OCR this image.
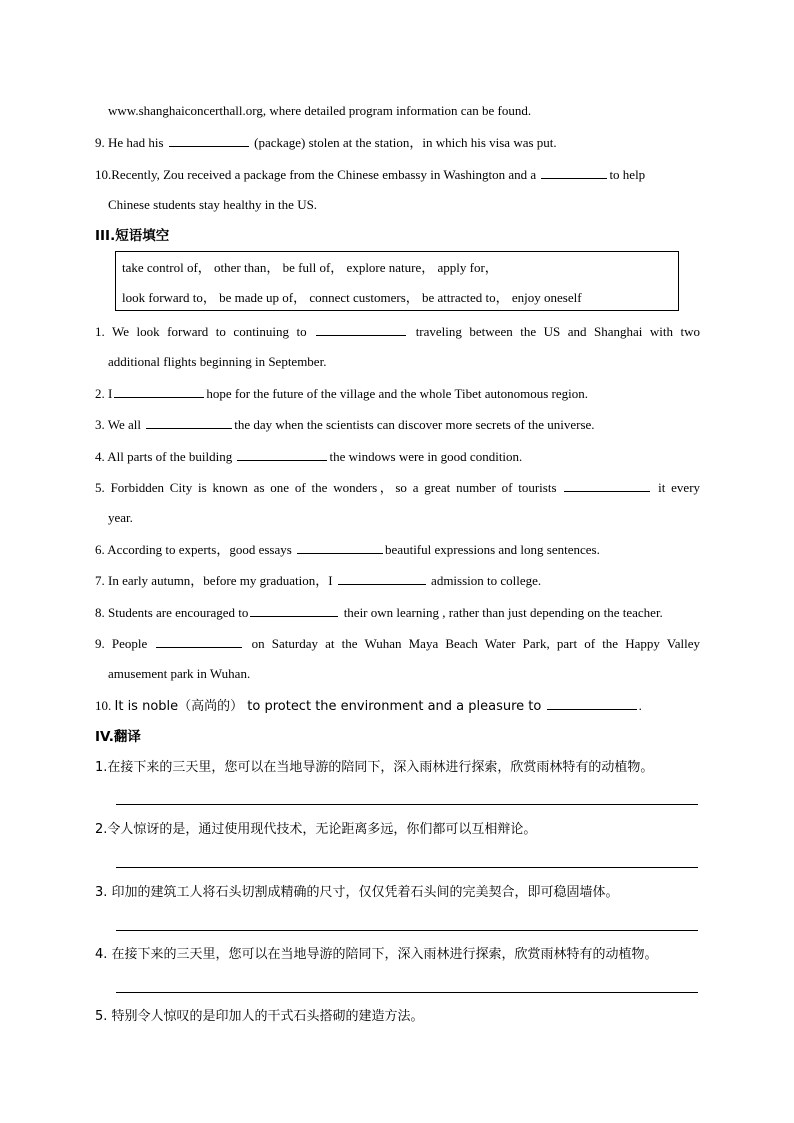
www.shanghaiconcerthall.org, where detailed program information can be found.
9. He had his	(package) stolen at the station，in which his visa was put.
10.Recently, Zou received a package from the Chinese embassy in Washington and a	to help
Chinese students stay healthy in the US.
III.短语填空
take control of， other than， be full of， explore nature， apply for，
look forward to， be made up of， connect customers， be attracted to， enjoy oneself
1. We look forward to continuing to	traveling between the US and Shanghai with two
additional flights beginning in September.
2. I	hope for the future of the village and the whole Tibet autonomous region.
3. We all	the day when the scientists can discover more secrets of the universe.
4. All parts of the building	the windows were in good condition.
5. Forbidden City is known as one of the wonders，so a great number of tourists	it every
year.
6. According to experts，good essays	beautiful expressions and long sentences.
7. In early autumn，before my graduation，I	admission to college.
8. Students are encouraged to	their own learning , rather than just depending on the teacher.
9. People	on Saturday at the Wuhan Maya Beach Water Park, part of the Happy Valley
amusement park in Wuhan.
10. It is noble（高尚的） to protect the environment and a pleasure to	.
IV.翻译
1.在接下来的三天里，您可以在当地导游的陪同下，深入雨林进行探索，欣赏雨林特有的动植物。
2.令人惊讶的是，通过使用现代技术，无论距离多远，你们都可以互相辩论。
3. 印加的建筑工人将石头切割成精确的尺寸，仅仅凭着石头间的完美契合，即可稳固墙体。
4. 在接下来的三天里，您可以在当地导游的陪同下，深入雨林进行探索，欣赏雨林特有的动植物。
5. 特别令人惊叹的是印加人的干式石头搭砌的建造方法。
